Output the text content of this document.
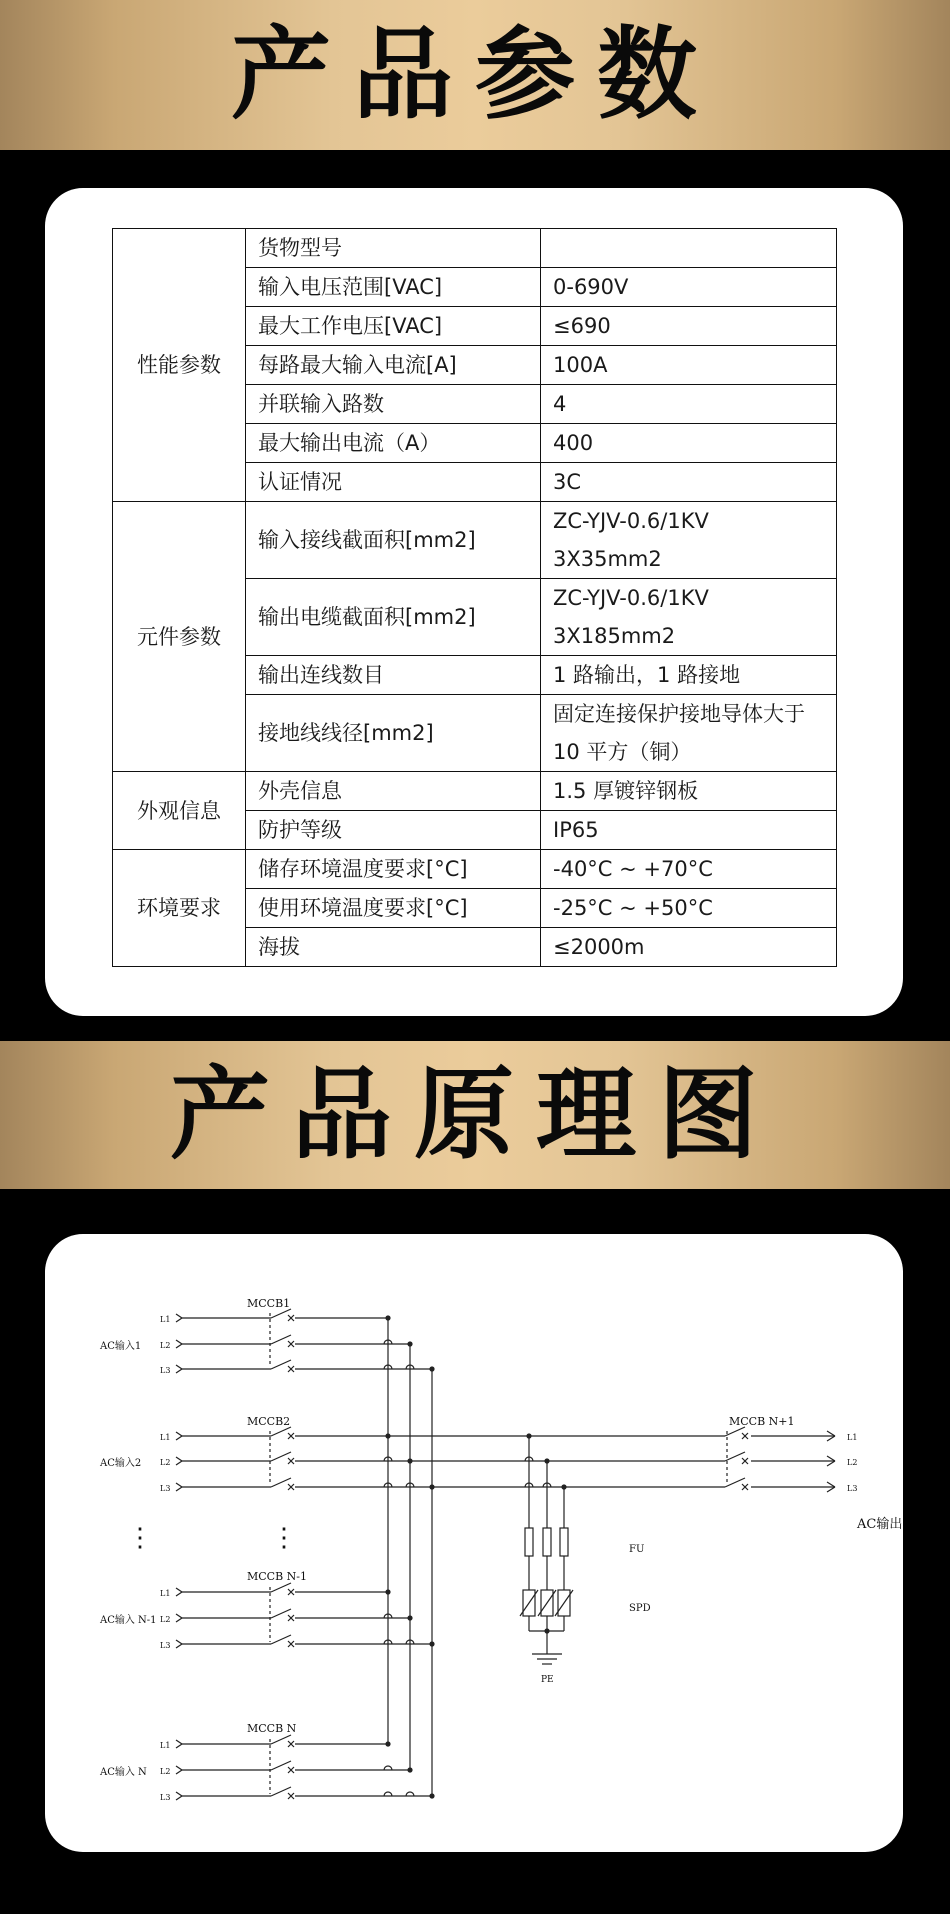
产品参数
性能参数	货物型号	
	输入电压范围[VAC]	0-690V
	最大工作电压[VAC]	≤690
	每路最大输入电流[A]	100A
	并联输入路数	4
	最大输出电流（A）	400
	认证情况	3C
元件参数	输入接线截面积[mm2]	ZC-YJV-0.6/1KV
3X35mm2

	输出电缆截面积[mm2]	ZC-YJV-0.6/1KV
3X185mm2

	输出连线数目	1 路输出，1 路接地
	接地线线径[mm2]	固定连接保护接地导体大于
10 平方（铜）

外观信息	外壳信息	1.5 厚镀锌钢板
	防护等级	IP65
环境要求	储存环境温度要求[°C]	-40°C ~ +70°C
	使用环境温度要求[°C]	-25°C ~ +50°C
	海拔	≤2000m
产品原理图
MCCB1
AC输入1
L1
L2
L3
MCCB2
AC输入2
L1
L2
L3
MCCB N-1
AC输入 N-1
L1
L2
L3
MCCB N
AC输入 N
L1
L2
L3
⋮	⋮
L1
L2
L3
MCCB N+1
AC输出
FU
SPD
PE
